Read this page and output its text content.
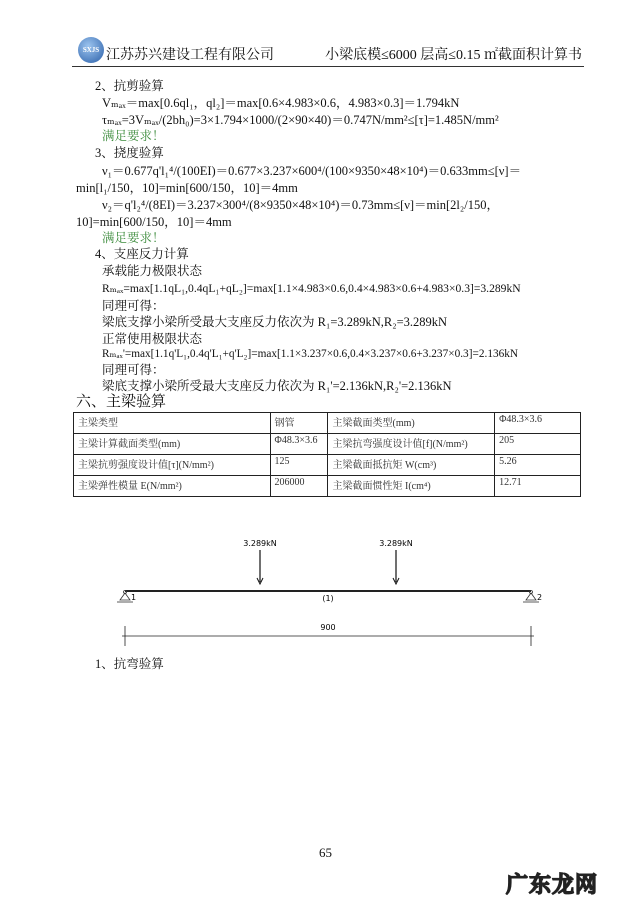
SXJS 江苏苏兴建设工程有限公司	小梁底模≤6000 层高≤0.15 ㎡截面积计算书
2、抗剪验算
Vₘₐₓ＝max[0.6ql₁，ql₂]＝max[0.6×4.983×0.6，4.983×0.3]＝1.794kN
τₘₐₓ=3Vₘₐₓ/(2bh₀)=3×1.794×1000/(2×90×40)＝0.747N/mm²≤[τ]=1.485N/mm²
满足要求！
3、挠度验算
ν₁＝0.677q'l₁⁴/(100EI)＝0.677×3.237×600⁴/(100×9350×48×10⁴)＝0.633mm≤[ν]＝
min[l₁/150，10]=min[600/150，10]＝4mm
ν₂＝q'l₂⁴/(8EI)＝3.237×300⁴/(8×9350×48×10⁴)＝0.73mm≤[ν]＝min[2l₂/150，
10]=min[600/150，10]＝4mm
满足要求！
4、支座反力计算
承载能力极限状态
Rₘₐₓ=max[1.1qL₁,0.4qL₁+qL₂]=max[1.1×4.983×0.6,0.4×4.983×0.6+4.983×0.3]=3.289kN
同理可得：
梁底支撑小梁所受最大支座反力依次为 R₁=3.289kN,R₂=3.289kN
正常使用极限状态
Rₘₐₓ'=max[1.1q'L₁,0.4q'L₁+q'L₂]=max[1.1×3.237×0.6,0.4×3.237×0.6+3.237×0.3]=2.136kN
同理可得：
梁底支撑小梁所受最大支座反力依次为 R₁'=2.136kN,R₂'=2.136kN
六、主梁验算
主梁类型	钢管	主梁截面类型(mm)	Φ48.3×3.6
主梁计算截面类型(mm)	Φ48.3×3.6	主梁抗弯强度设计值[f](N/mm²)	205
主梁抗剪强度设计值[τ](N/mm²)	125	主梁截面抵抗矩 W(cm³)	5.26
主梁弹性模量 E(N/mm²)	206000	主梁截面惯性矩 I(cm⁴)	12.71
3.289kN	3.289kN
1	2
(1)
900
1、抗弯验算
65
广东龙网
